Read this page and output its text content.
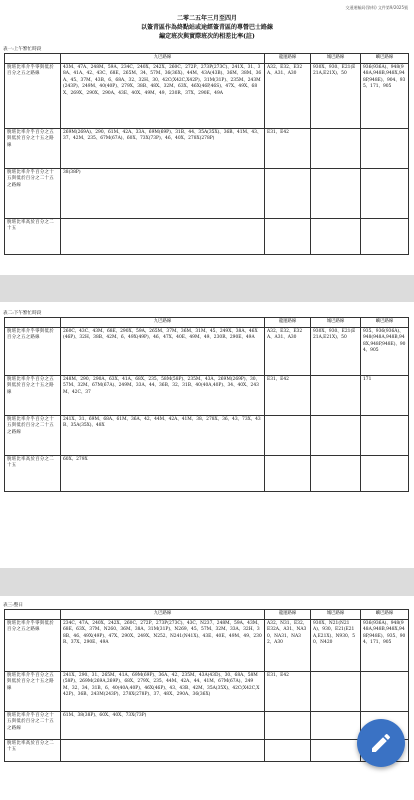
交通運輸局(資料) 文件第9/2025號
二零二五年三月至四月
以簽青區作為終點站或途經簽青區的專營巴士路線
編定班次與實際班次的相差比率(註)
表一:上午繁忙時段
	九巴路線	龍運路線	城巴路線	嶼巴路線
脫班比率介乎零與低於百分之五之路線	43M、47A、248M、59A、234C、240X、242X、260C、272P、273P(273C)、241X、31、38A、41A、42、43C、68E、265M、34、57M、36(36X)、44M、43A(43B)、36M、38M、36A、45、37M、43B、6、68A、32、32H、30、42C(X42C,X42P)、31M(31P)、235M、243M(243P)、249M、40(40P)、279X、38B、48X、32M、63X、46X(46P,46S)、47X、49X、68X、269X、290X、290A、43E、40X、49M、49、230R、37X、290E、49A	A32、E32、E32A、A31、A30	930X、930、E21(E21A,E21X)、50	936(936A)、948(948A,948B,948X,948P,948E)、904、935、171、905
脫班比率介乎百分之五與低於百分之十五之路線	269M(269A)、290、61M、42A、33A、69M(69P)、31B、44、35A(35X)、36B、41M、43、37、42M、235、67M(67A)、60X、73X(73P)、46、40X、278X(278P)	E31、E42		
脫班比率介乎百分之十五與低於百分之二十五之路線	38(38P)			
脫班比率高於百分之二十五				
表二:下午繁忙時段
	九巴路線	龍運路線	城巴路線	嶼巴路線
脫班比率介乎零與低於百分之五之路線	260C、43C、43M、68E、290X、59A、265M、37M、36M、31M、45、249X、38A、46X(46P)、32H、38B、42M、6、49X(49P)、46、47X、40E、49M、49、230R、290E、49A	A32、E32、E32A、A31、A30	930X、930、E21(E21A,E21X)、50	935、936(936A)、948(948A,948B,948X,948P,948E)、904、905
脫班比率介乎百分之五與低於百分之十五之路線	248M、290、290A、63X、41A、68X、235、58M(58P)、235M、43A、269M(269P)、30、57M、32M、67M(67A)、249M、33A、44、36B、32、31B、40(40A,40P)、34、40X、243M、42C、37	E31、E42		171
脫班比率介乎百分之十五與低於百分之二十五之路線	241X、31、69M、68A、61M、36A、42、44M、42A、41M、38、278X、36、43、73X、43B、35A(35X)、48X			
脫班比率高於百分之二十五	60X、279X			
表三:整日
	九巴路線	龍運路線	城巴路線	嶼巴路線
脫班比率介乎零與低於百分之五之路線	234C、47A、240X、242X、260C、272P、273P(273C)、43C、N237、248M、59A、43M、68E、63X、37M、N260、36M、38A、31M(31P)、N269、45、57M、32M、33A、32H、38B、46、49X(49P)、47X、290X、249X、N252、N241(N41X)、43E、40E、49M、49、230R、37X、290E、49A	A32、N31、E32、E32A、A31、NA30、NA31、NA32、A30	930X、N21(N21A)、930、E21(E21A,E21X)、N930、50、N420	936(936A)、948(948A,948B,948X,948P,948E)、935、904、171、905
脫班比率介乎百分之五與低於百分之十五之路線	241X、290、31、265M、41A、69M(69P)、36A、42、235M、43A(43D)、30、68A、58M(58P)、269M(269A,269P)、68X、279X、235、44M、42A、44、41M、67M(67A)、249M、32、34、31B、6、40(40A,40P)、46X(46P)、43、43B、42M、35A(35X)、42C(X42C,X42P)、36B、243M(243P)、278X(278P)、37、48X、290A、36(36X)	E31、E42		
脫班比率介乎百分之十五與低於百分之二十五之路線	61M、38(38P)、60X、40X、73X(73P)			
脫班比率高於百分之二十五				
